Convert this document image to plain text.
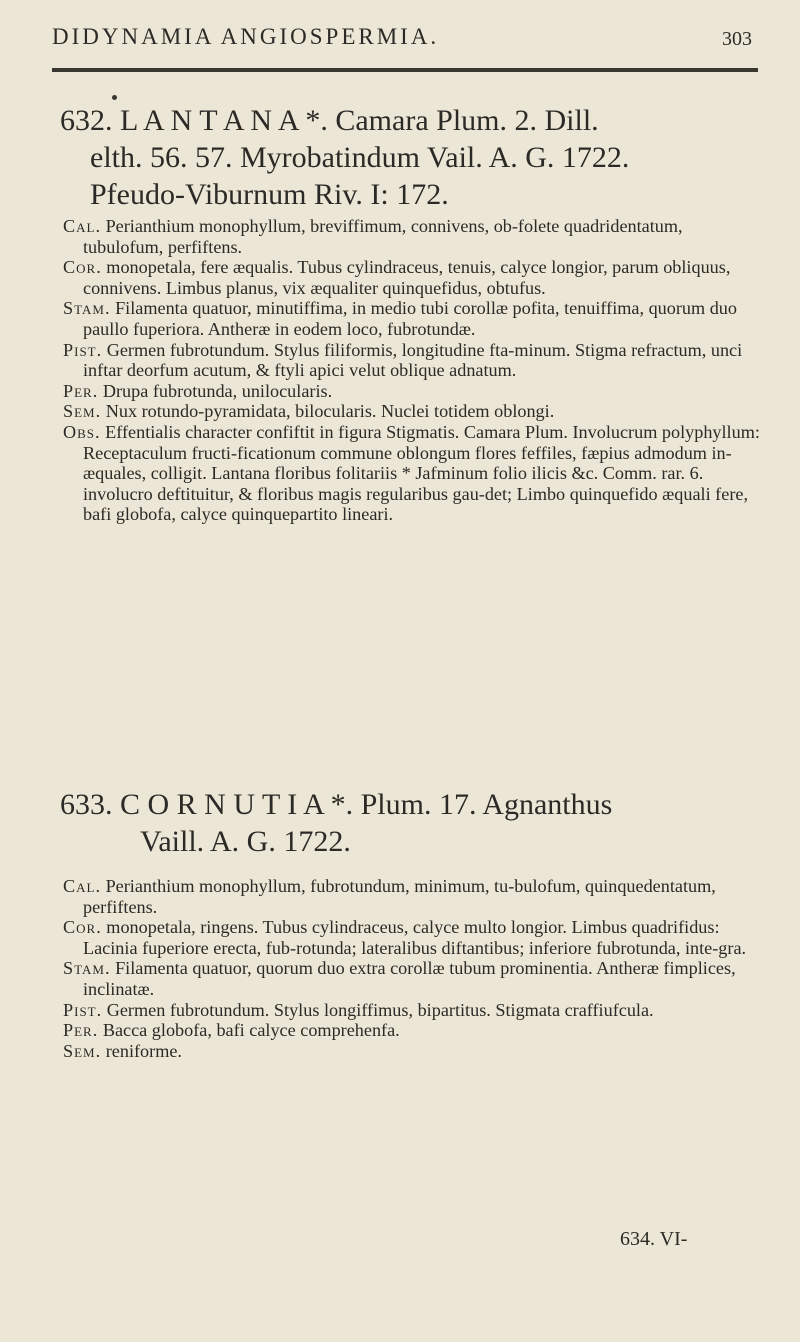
DIDYNAMIA ANGIOSPERMIA.	303
632. L A N T A N A *. Camara Plum. 2. Dill.
elth. 56. 57. Myrobatindum Vail. A. G. 1722.
Pfeudo-Viburnum Riv. I: 172.

Cal. Perianthium monophyllum, breviffimum, connivens, ob-folete quadridentatum, tubulofum, perfiftens.

Cor. monopetala, fere æqualis. Tubus cylindraceus, tenuis, calyce longior, parum obliquus, connivens. Limbus planus, vix æqualiter quinquefidus, obtufus.

Stam. Filamenta quatuor, minutiffima, in medio tubi corollæ pofita, tenuiffima, quorum duo paullo fuperiora. Antheræ in eodem loco, fubrotundæ.

Pist. Germen fubrotundum. Stylus filiformis, longitudine fta-minum. Stigma refractum, unci inftar deorfum acutum, & ftyli apici velut oblique adnatum.

Per. Drupa fubrotunda, unilocularis.

Sem. Nux rotundo-pyramidata, bilocularis. Nuclei totidem oblongi.

Obs. Effentialis character confiftit in figura Stigmatis. Camara Plum. Involucrum polyphyllum: Receptaculum fructi-ficationum commune oblongum flores feffiles, fæpius admodum in-æquales, colligit. Lantana floribus folitariis * Jafminum folio ilicis &c. Comm. rar. 6. involucro deftituitur, & floribus magis regularibus gau-det; Limbo quinquefido æquali fere, bafi globofa, calyce quinquepartito lineari.

633. C O R N U T I A *. Plum. 17. Agnanthus
Vaill. A. G. 1722.

Cal. Perianthium monophyllum, fubrotundum, minimum, tu-bulofum, quinquedentatum, perfiftens.

Cor. monopetala, ringens. Tubus cylindraceus, calyce multo longior. Limbus quadrifidus: Lacinia fuperiore erecta, fub-rotunda; lateralibus diftantibus; inferiore fubrotunda, inte-gra.

Stam. Filamenta quatuor, quorum duo extra corollæ tubum prominentia. Antheræ fimplices, inclinatæ.

Pist. Germen fubrotundum. Stylus longiffimus, bipartitus. Stigmata craffiufcula.

Per. Bacca globofa, bafi calyce comprehenfa.

Sem. reniforme.

634. VI-
